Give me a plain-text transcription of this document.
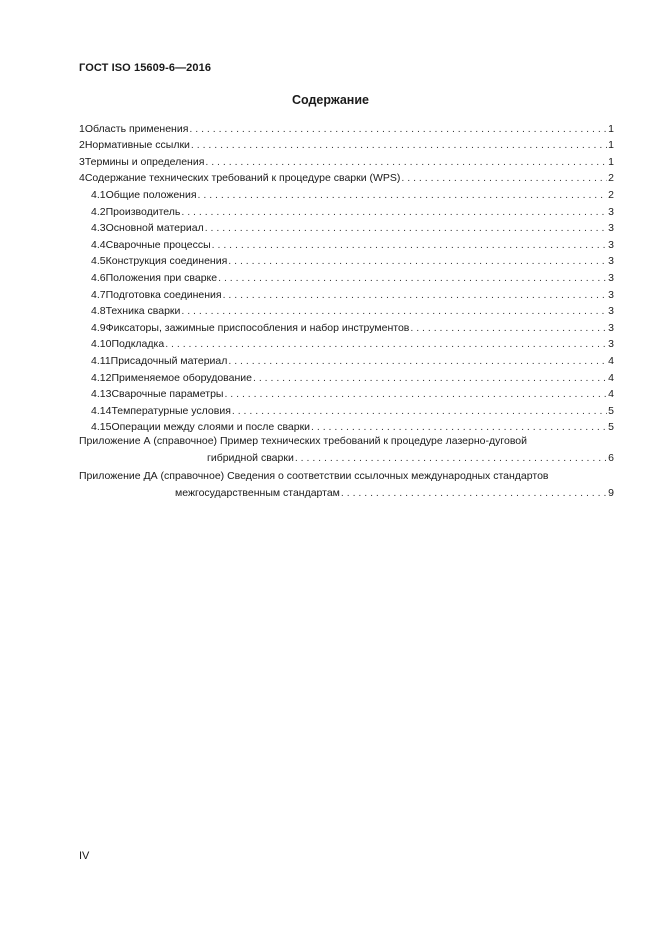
ГОСТ ISO 15609-6—2016
Содержание
1 Область применения . . .	1
2 Нормативные ссылки . . .	1
3 Термины и определения . . .	1
4 Содержание технических требований к процедуре сварки (WPS) . . .	2
4.1 Общие положения . . .	2
4.2 Производитель . . .	3
4.3 Основной материал . . .	3
4.4 Сварочные процессы . . .	3
4.5 Конструкция соединения . . .	3
4.6 Положения при сварке . . .	3
4.7 Подготовка соединения . . .	3
4.8 Техника сварки . . .	3
4.9 Фиксаторы, зажимные приспособления и набор инструментов . . .	3
4.10 Подкладка . . .	3
4.11 Присадочный материал . . .	4
4.12 Применяемое оборудование . . .	4
4.13 Сварочные параметры . . .	4
4.14 Температурные условия . . .	5
4.15 Операции между слоями и после сварки . . .	5
Приложение А (справочное) Пример технических требований к процедуре лазерно-дуговой
гибридной сварки . . .	6
Приложение ДА (справочное) Сведения о соответствии ссылочных международных стандартов
межгосударственным стандартам . . .	9
IV
